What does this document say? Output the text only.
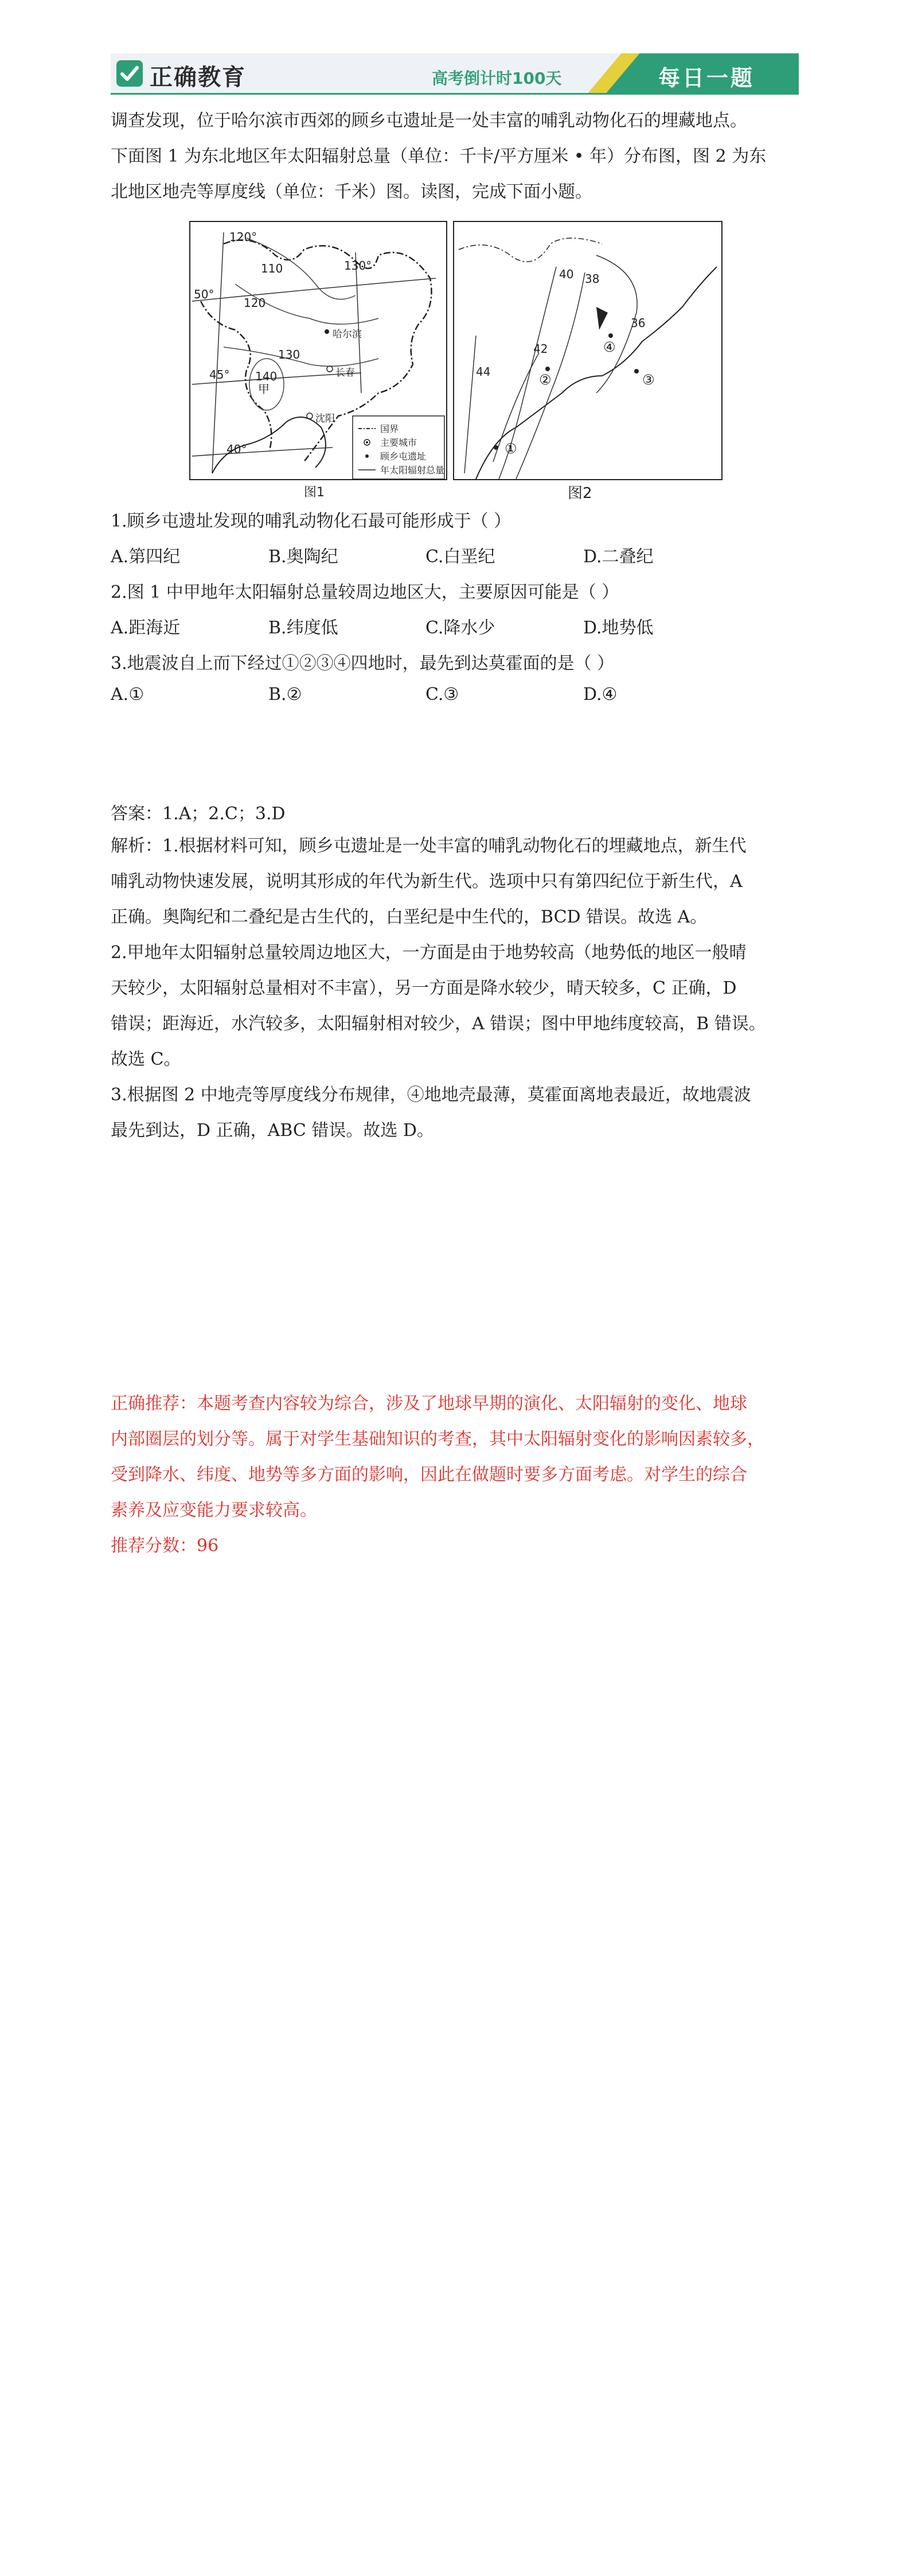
正确教育	高考倒计时100天	每日一题
调查发现，位于哈尔滨市西郊的顾乡屯遗址是一处丰富的哺乳动物化石的埋藏地点。
下面图 1 为东北地区年太阳辐射总量（单位：千卡/平方厘米 • 年）分布图，图 2 为东
北地区地壳等厚度线（单位：千米）图。读图，完成下面小题。
120°
130°
50°
45°
40°
110
120
130
140
甲
哈尔滨
长春
沈阳
国界
主要城市
顾乡屯遗址
年太阳辐射总量
图1
40 38
36
42
44
①
②	③
④
图2
1.顾乡屯遗址发现的哺乳动物化石最可能形成于（ ）
A.第四纪	B.奥陶纪	C.白垩纪	D.二叠纪
2.图 1 中甲地年太阳辐射总量较周边地区大，主要原因可能是（ ）
A.距海近	B.纬度低	C.降水少	D.地势低
3.地震波自上而下经过①②③④四地时，最先到达莫霍面的是（ ）
A.①	B.②	C.③	D.④
答案：1.A；2.C；3.D
解析：1.根据材料可知，顾乡屯遗址是一处丰富的哺乳动物化石的埋藏地点，新生代
哺乳动物快速发展，说明其形成的年代为新生代。选项中只有第四纪位于新生代，A
正确。奥陶纪和二叠纪是古生代的，白垩纪是中生代的，BCD 错误。故选 A。
2.甲地年太阳辐射总量较周边地区大，一方面是由于地势较高（地势低的地区一般晴
天较少，太阳辐射总量相对不丰富），另一方面是降水较少，晴天较多，C 正确，D
错误；距海近，水汽较多，太阳辐射相对较少，A 错误；图中甲地纬度较高，B 错误。
故选 C。
3.根据图 2 中地壳等厚度线分布规律，④地地壳最薄，莫霍面离地表最近，故地震波
最先到达，D 正确，ABC 错误。故选 D。
正确推荐：本题考查内容较为综合，涉及了地球早期的演化、太阳辐射的变化、地球
内部圈层的划分等。属于对学生基础知识的考查，其中太阳辐射变化的影响因素较多，
受到降水、纬度、地势等多方面的影响，因此在做题时要多方面考虑。对学生的综合
素养及应变能力要求较高。
推荐分数：96
